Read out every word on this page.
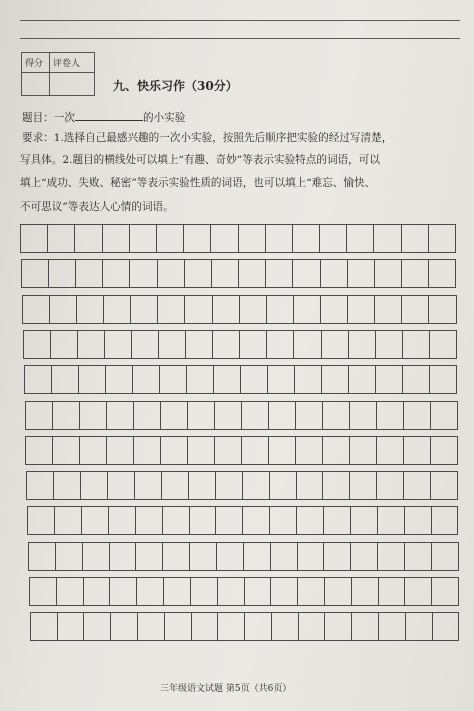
得分 评卷人
九、快乐习作（30分）
题目：一次	的小实验
要求：1.选择自己最感兴趣的一次小实验，按照先后顺序把实验的经过写清楚，
写具体。2.题目的横线处可以填上“有趣、奇妙”等表示实验特点的词语，可以
填上“成功、失败、秘密”等表示实验性质的词语，也可以填上“难忘、愉快、
不可思议”等表达人心情的词语。
三年级语文试题 第5页（共6页）
